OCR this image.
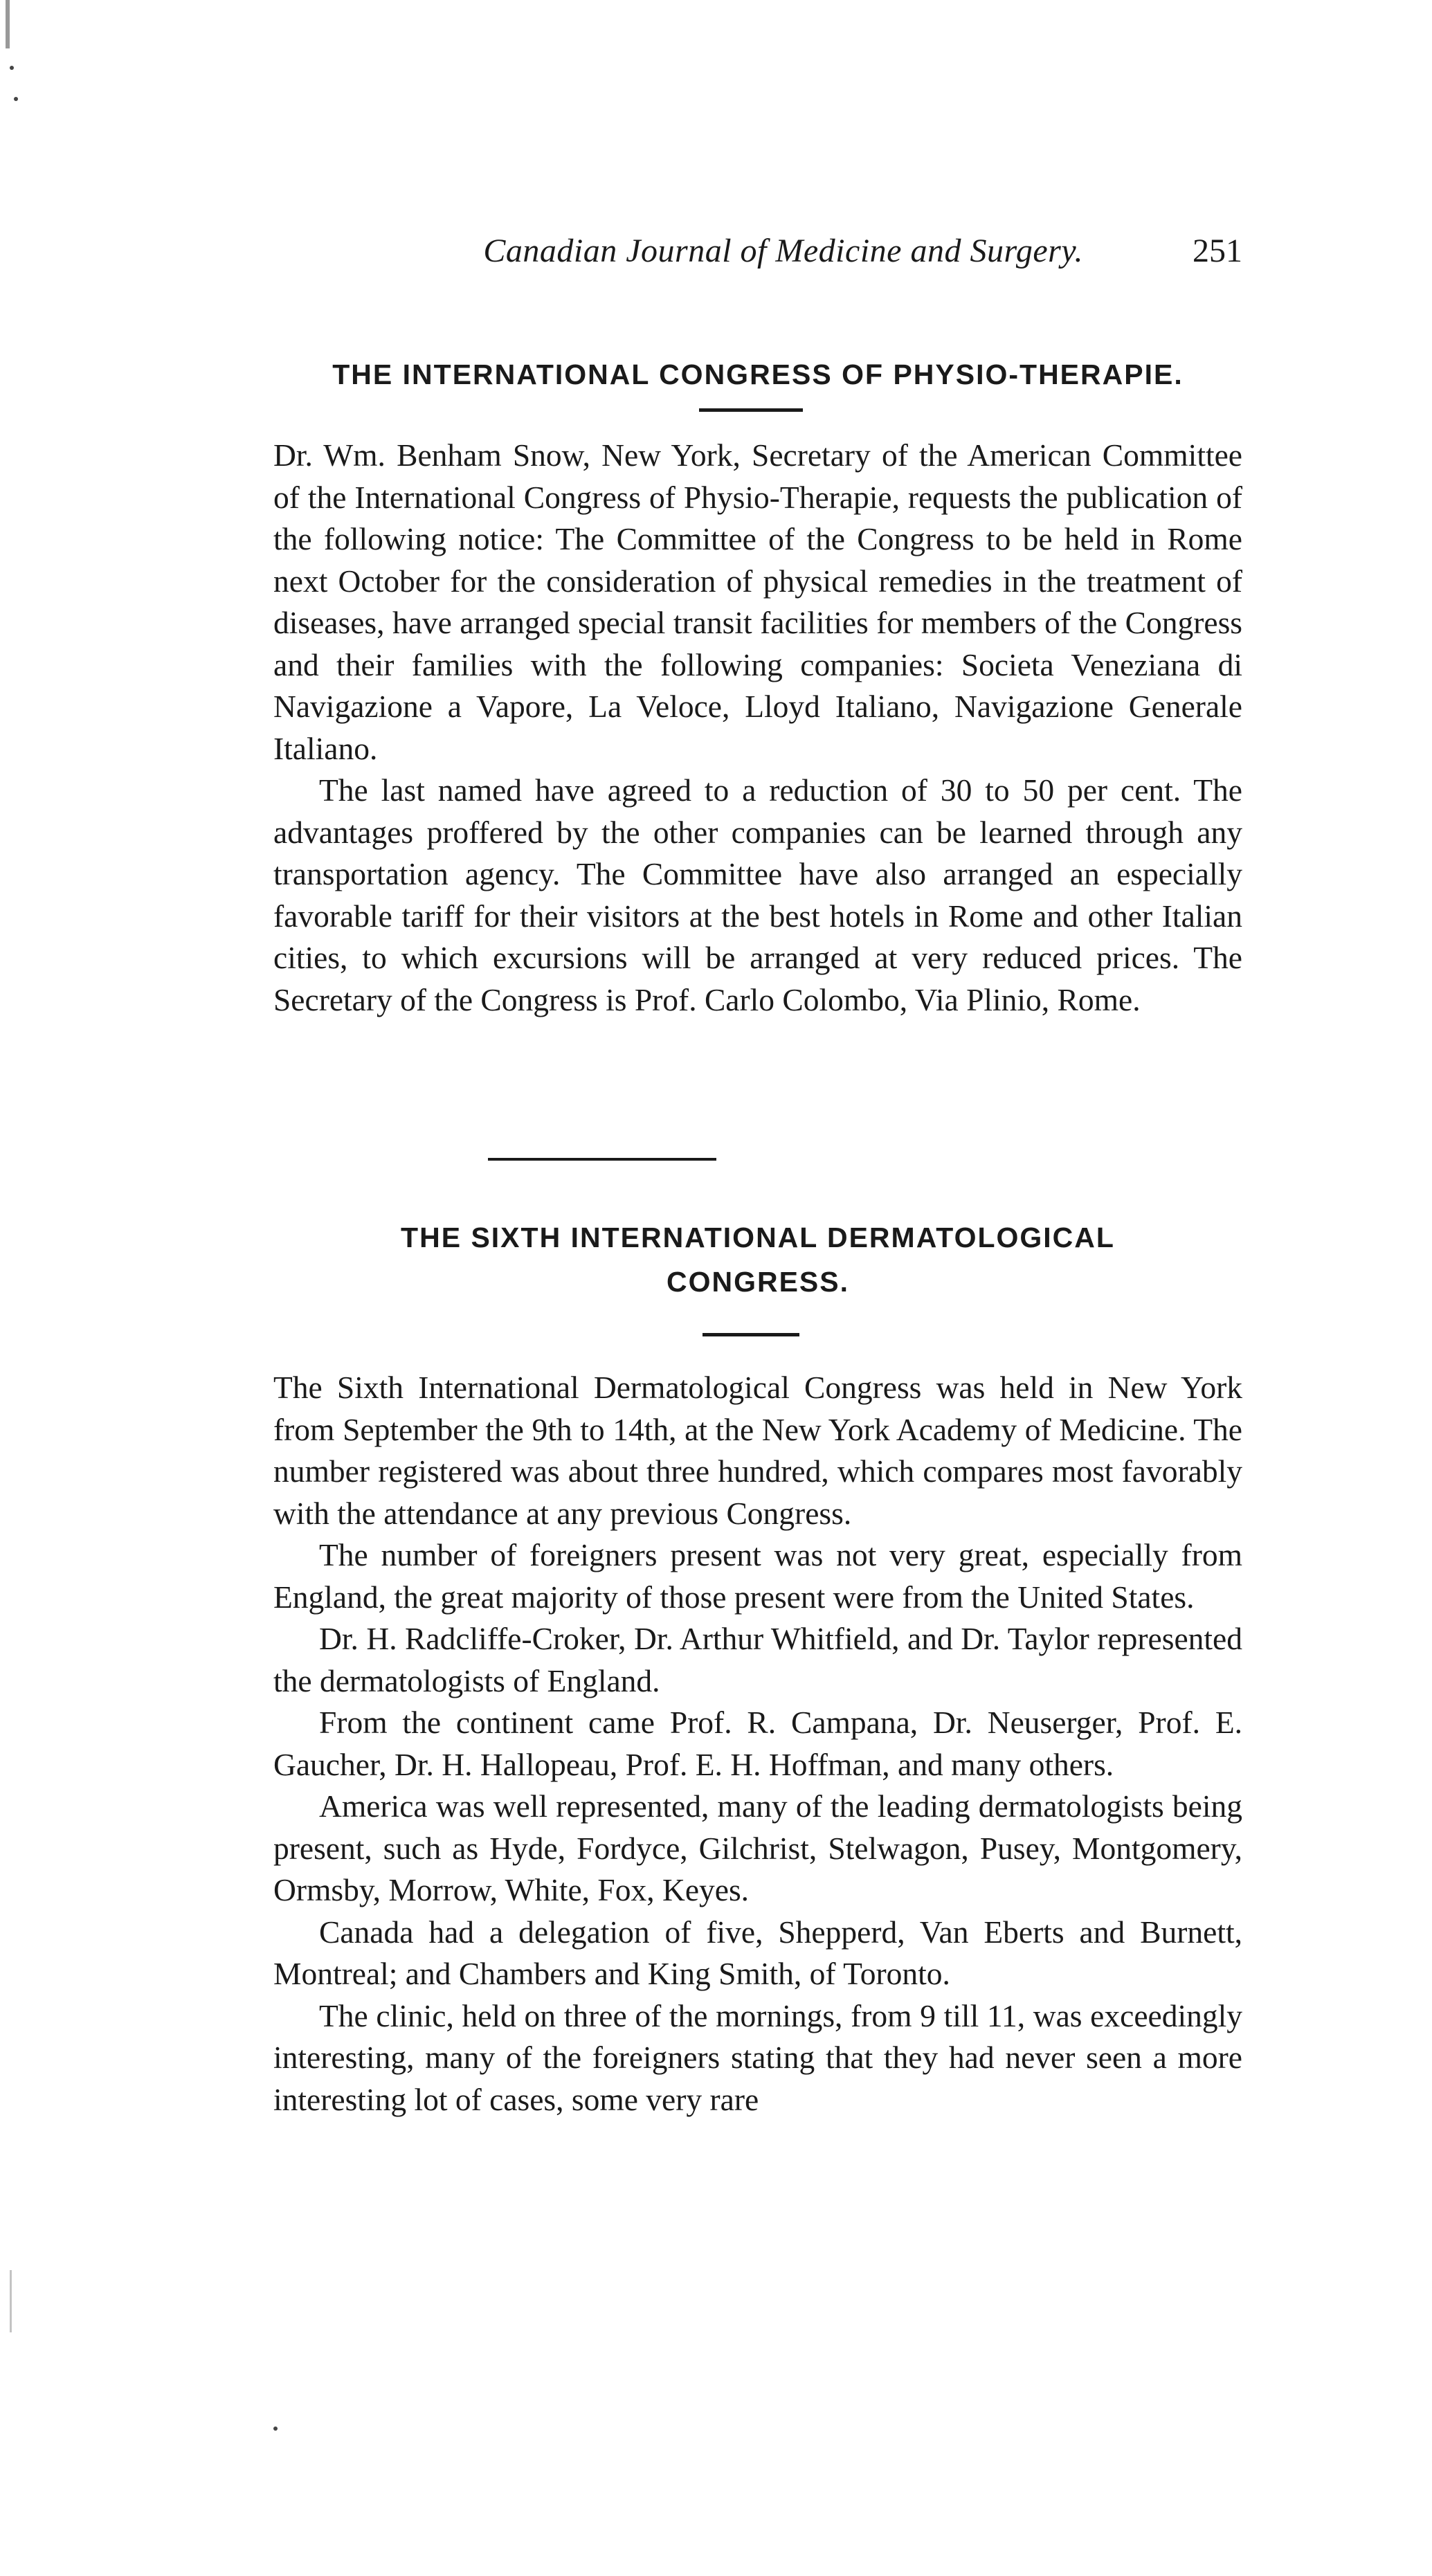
Canadian Journal of Medicine and Surgery.	251
THE INTERNATIONAL CONGRESS OF PHYSIO-THERAPIE.

Dr. Wm. Benham Snow, New York, Secretary of the American Committee of the International Congress of Physio-Therapie, requests the publication of the following notice: The Committee of the Congress to be held in Rome next October for the consideration of physical remedies in the treatment of diseases, have arranged special transit facilities for members of the Congress and their families with the following companies: Societa Veneziana di Navigazione a Vapore, La Veloce, Lloyd Italiano, Navigazione Generale Italiano.

The last named have agreed to a reduction of 30 to 50 per cent. The advantages proffered by the other companies can be learned through any transportation agency. The Committee have also arranged an especially favorable tariff for their visitors at the best hotels in Rome and other Italian cities, to which excursions will be arranged at very reduced prices. The Secretary of the Congress is Prof. Carlo Colombo, Via Plinio, Rome.

THE SIXTH INTERNATIONAL DERMATOLOGICAL
CONGRESS.

The Sixth International Dermatological Congress was held in New York from September the 9th to 14th, at the New York Academy of Medicine. The number registered was about three hundred, which compares most favorably with the attendance at any previous Congress.

The number of foreigners present was not very great, especially from England, the great majority of those present were from the United States.

Dr. H. Radcliffe-Croker, Dr. Arthur Whitfield, and Dr. Taylor represented the dermatologists of England.

From the continent came Prof. R. Campana, Dr. Neuserger, Prof. E. Gaucher, Dr. H. Hallopeau, Prof. E. H. Hoffman, and many others.

America was well represented, many of the leading dermatologists being present, such as Hyde, Fordyce, Gilchrist, Stelwagon, Pusey, Montgomery, Ormsby, Morrow, White, Fox, Keyes.

Canada had a delegation of five, Shepperd, Van Eberts and Burnett, Montreal; and Chambers and King Smith, of Toronto.

The clinic, held on three of the mornings, from 9 till 11, was exceedingly interesting, many of the foreigners stating that they had never seen a more interesting lot of cases, some very rare
